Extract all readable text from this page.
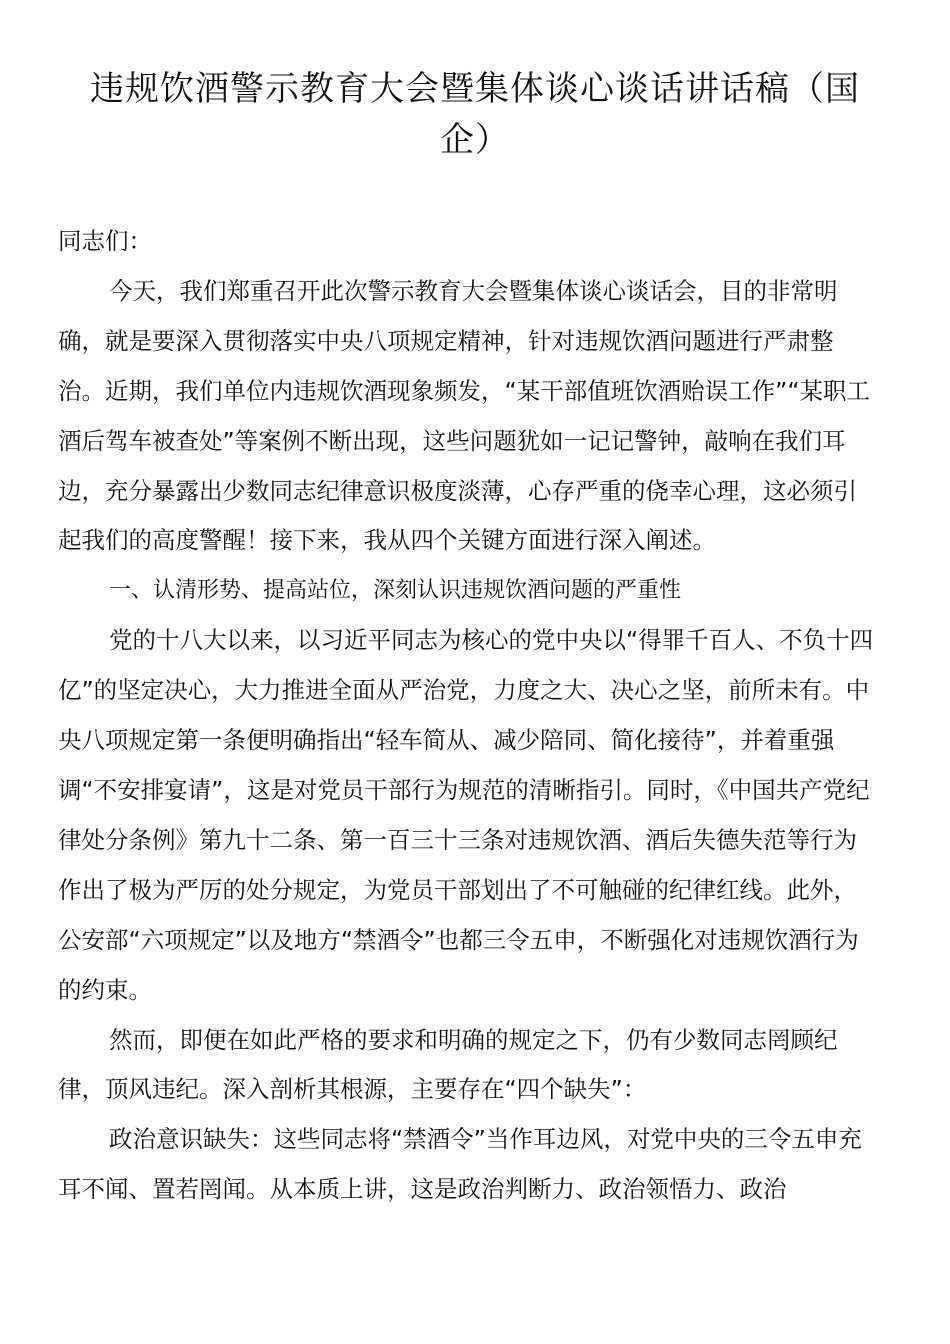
违规饮酒警示教育大会暨集体谈心谈话讲话稿（国企）

同志们：

今天，我们郑重召开此次警示教育大会暨集体谈心谈话会，目的非常明确，就是要深入贯彻落实中央八项规定精神，针对违规饮酒问题进行严肃整治。近期，我们单位内违规饮酒现象频发，“某干部值班饮酒贻误工作”“某职工酒后驾车被查处”等案例不断出现，这些问题犹如一记记警钟，敲响在我们耳边，充分暴露出少数同志纪律意识极度淡薄，心存严重的侥幸心理，这必须引起我们的高度警醒！接下来，我从四个关键方面进行深入阐述。

一、认清形势、提高站位，深刻认识违规饮酒问题的严重性

党的十八大以来，以习近平同志为核心的党中央以“得罪千百人、不负十四亿”的坚定决心，大力推进全面从严治党，力度之大、决心之坚，前所未有。中央八项规定第一条便明确指出“轻车简从、减少陪同、简化接待”，并着重强调“不安排宴请”，这是对党员干部行为规范的清晰指引。同时，《中国共产党纪律处分条例》第九十二条、第一百三十三条对违规饮酒、酒后失德失范等行为作出了极为严厉的处分规定，为党员干部划出了不可触碰的纪律红线。此外，公安部“六项规定”以及地方“禁酒令”也都三令五申，不断强化对违规饮酒行为的约束。

然而，即便在如此严格的要求和明确的规定之下，仍有少数同志罔顾纪律，顶风违纪。深入剖析其根源，主要存在“四个缺失”：

政治意识缺失：这些同志将“禁酒令”当作耳边风，对党中央的三令五申充耳不闻、置若罔闻。从本质上讲，这是政治判断力、政治领悟力、政治
